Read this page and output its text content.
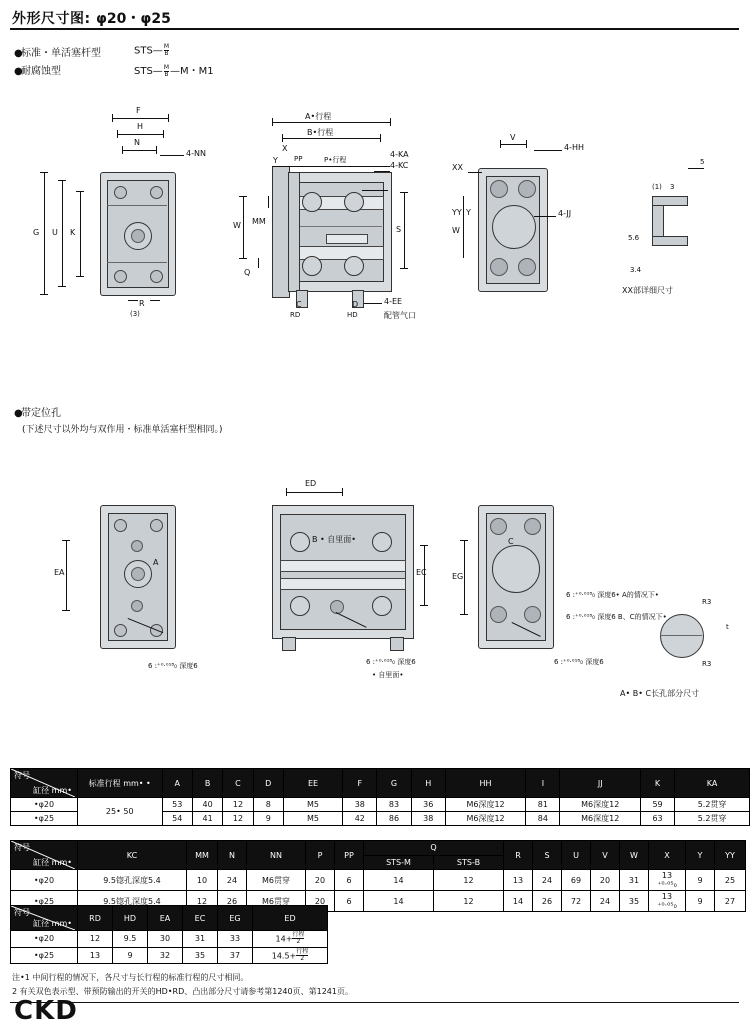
外形尺寸图: φ20・φ25
●标准・单活塞杆型	STS— $\frac{M}{B}$
●耐腐蚀型	STS— $\frac{M}{B}$ —M・M1
F
H
N
4-NN
G U K
R
(3)
A•行程
B•行程
X
Y PP	P•行程
4-KA
4-KC
W MM
S
Q
C
RD
D
HD
4-EE
配管气口
V
XX
YY Y
W
4-HH
4-JJ
(1) 3
5
5.6
3.4
XX部详细尺寸
●带定位孔
(下述尺寸以外均与双作用・标准单活塞杆型相同。)
A
EA
6 :⁺⁰·⁰¹⁸₀ 深度6
ED
B • 自里面•
EC
6 :⁺⁰·⁰¹⁸₀ 深度6
• 自里面•
C
EG
6 :⁺⁰·⁰¹⁸₀ 深度6
6 :⁺⁰·⁰¹⁸₀ 深度6• A的情况下•
6 :⁺⁰·⁰¹⁸₀ 深度6 B、C的情况下•
R3
R3
t
A• B• C长孔部分尺寸
符号
缸径 mm•	标准行程 mm• •	A	B	C	D	EE	F	G	H	HH	I	JJ	K	KA
•φ20	25• 50	53	40	12	8	M5	38	83	36	M6深度12	81	M6深度12	59	5.2贯穿
•φ25		54	41	12	9	M5	42	86	38	M6深度12	84	M6深度12	63	5.2贯穿
符号
缸径 mm•	KC	MM	N	NN	P	PP	Q		R	S	U	V	W	X	Y	YY
							STS-M	STS-B								
•φ20	9.5锪孔深度5.4	10	24	M6贯穿	20	6	14	12	13	24	69	20	31	13 ⁺⁰·⁰⁵₀	9	25
•φ25	9.5锪孔深度5.4	12	26	M6贯穿	20	6	14	12	14	26	72	24	35	13 ⁺⁰·⁰⁵₀	9	27
符号
缸径 mm•	RD	HD	EA	EC	EG	ED
•φ20	12	9.5	30	31	33	14+ 行程
2

•φ25	13	9	32	35	37	14.5+ 行程
2
注•1 中间行程的情况下，各尺寸与长行程的标准行程的尺寸相同。
2 有关双色表示型、带预防输出的开关的HD•RD、凸出部分尺寸请参考第1240页、第1241页。
CKD
